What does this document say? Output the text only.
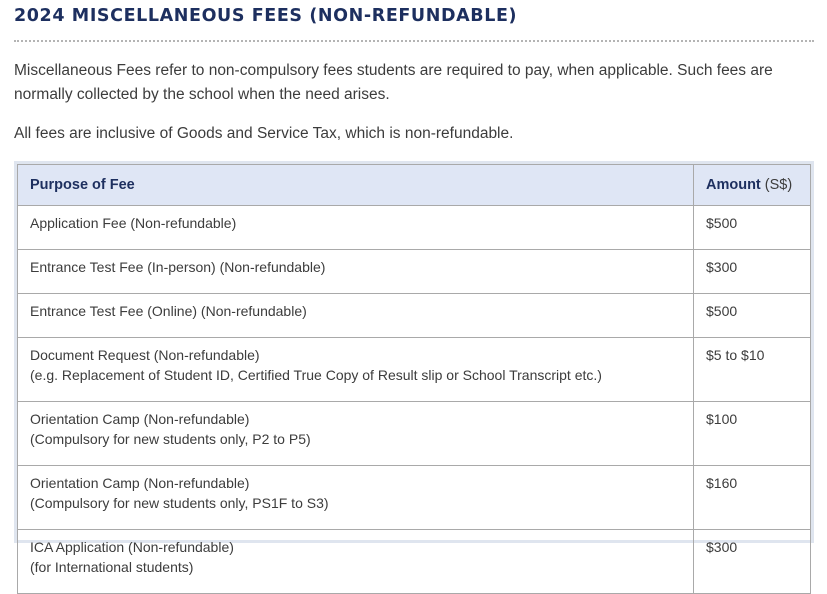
2024 MISCELLANEOUS FEES (NON-REFUNDABLE)
Miscellaneous Fees refer to non-compulsory fees students are required to pay, when applicable. Such fees are normally collected by the school when the need arises.
All fees are inclusive of Goods and Service Tax, which is non-refundable.
Purpose of Fee	Amount (S$)

Application Fee (Non-refundable)	$500

Entrance Test Fee (In-person) (Non-refundable)	$300

Entrance Test Fee (Online) (Non-refundable)	$500

Document Request (Non-refundable)
(e.g. Replacement of Student ID, Certified True Copy of Result slip or School Transcript etc.)	$5 to $10

Orientation Camp (Non-refundable)
(Compulsory for new students only, P2 to P5)	$100

Orientation Camp (Non-refundable)
(Compulsory for new students only, PS1F to S3)	$160

ICA Application (Non-refundable)
(for International students)	$300
